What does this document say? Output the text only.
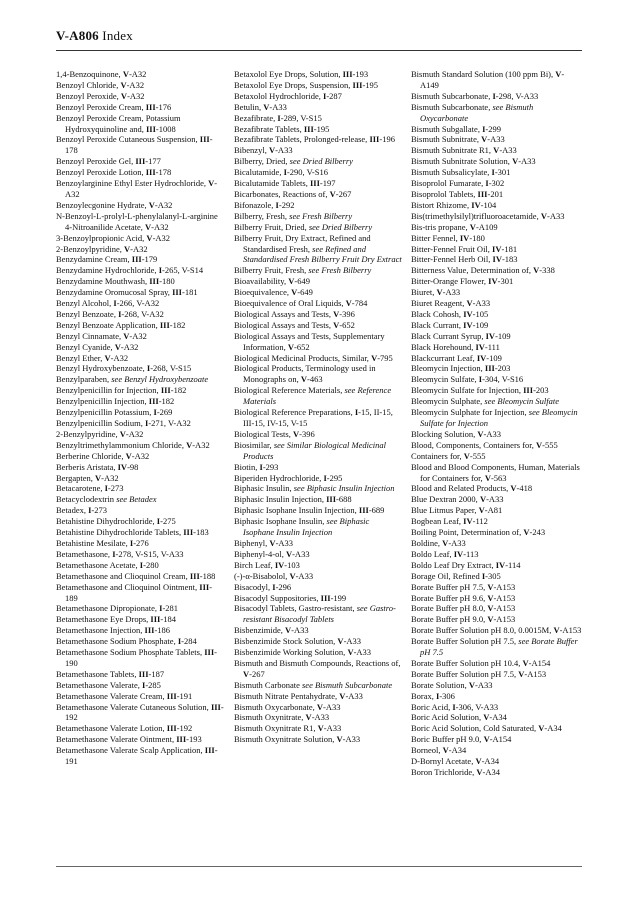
V-A806 Index
1,4-Benzoquinone, V-A32
Benzoyl Chloride, V-A32
Benzoyl Peroxide, V-A32
Benzoyl Peroxide Cream, III-176
Benzoyl Peroxide Cream, Potassium Hydroxyquinoline and, III-1008
Benzoyl Peroxide Cutaneous Suspension, III-178
Benzoyl Peroxide Gel, III-177
Benzoyl Peroxide Lotion, III-178
Benzoylarginine Ethyl Ester Hydrochloride, V-A32
Benzoylecgonine Hydrate, V-A32
N-Benzoyl-L-prolyl-L-phenylalanyl-L-arginine 4-Nitroanilide Acetate, V-A32
3-Benzoylpropionic Acid, V-A32
2-Benzoylpyridine, V-A32
Benzydamine Cream, III-179
Benzydamine Hydrochloride, I-265, V-S14
Benzydamine Mouthwash, III-180
Benzydamine Oromucosal Spray, III-181
Benzyl Alcohol, I-266, V-A32
Benzyl Benzoate, I-268, V-A32
Benzyl Benzoate Application, III-182
Benzyl Cinnamate, V-A32
Benzyl Cyanide, V-A32
Benzyl Ether, V-A32
Benzyl Hydroxybenzoate, I-268, V-S15
Benzylparaben, see Benzyl Hydroxybenzoate
Benzylpenicillin for Injection, III-182
Benzylpenicillin Injection, III-182
Benzylpenicillin Potassium, I-269
Benzylpenicillin Sodium, I-271, V-A32
2-Benzylpyridine, V-A32
Benzyltrimethylammonium Chloride, V-A32
Berberine Chloride, V-A32
Berberis Aristata, IV-98
Bergapten, V-A32
Betacarotene, I-273
Betacyclodextrin see Betadex
Betadex, I-273
Betahistine Dihydrochloride, I-275
Betahistine Dihydrochloride Tablets, III-183
Betahistine Mesilate, I-276
Betamethasone, I-278, V-S15, V-A33
Betamethasone Acetate, I-280
Betamethasone and Clioquinol Cream, III-188
Betamethasone and Clioquinol Ointment, III-189
Betamethasone Dipropionate, I-281
Betamethasone Eye Drops, III-184
Betamethasone Injection, III-186
Betamethasone Sodium Phosphate, I-284
Betamethasone Sodium Phosphate Tablets, III-190
Betamethasone Tablets, III-187
Betamethasone Valerate, I-285
Betamethasone Valerate Cream, III-191
Betamethasone Valerate Cutaneous Solution, III-192
Betamethasone Valerate Lotion, III-192
Betamethasone Valerate Ointment, III-193
Betamethasone Valerate Scalp Application, III-191
Betaxolol Eye Drops, Solution, III-193
Betaxolol Eye Drops, Suspension, III-195
Betaxolol Hydrochloride, I-287
Betulin, V-A33
Bezafibrate, I-289, V-S15
Bezafibrate Tablets, III-195
Bezafibrate Tablets, Prolonged-release, III-196
Bibenzyl, V-A33
Bilberry, Dried, see Dried Bilberry
Bicalutamide, I-290, V-S16
Bicalutamide Tablets, III-197
Bicarbonates, Reactions of, V-267
Bifonazole, I-292
Bilberry, Fresh, see Fresh Bilberry
Bilberry Fruit, Dried, see Dried Bilberry
Bilberry Fruit, Dry Extract, Refined and Standardised Fresh, see Refined and Standardised Fresh Bilberry Fruit Dry Extract
Bilberry Fruit, Fresh, see Fresh Bilberry
Bioavailability, V-649
Bioequivalence, V-649
Bioequivalence of Oral Liquids, V-784
Biological Assays and Tests, V-396
Biological Assays and Tests, V-652
Biological Assays and Tests, Supplementary Information, V-652
Biological Medicinal Products, Similar, V-795
Biological Products, Terminology used in Monographs on, V-463
Biological Reference Materials, see Reference Materials
Biological Reference Preparations, I-15, II-15, III-15, IV-15, V-15
Biological Tests, V-396
Biosimilar, see Similar Biological Medicinal Products
Biotin, I-293
Biperiden Hydrochloride, I-295
Biphasic Insulin, see Biphasic Insulin Injection
Biphasic Insulin Injection, III-688
Biphasic Isophane Insulin Injection, III-689
Biphasic Isophane Insulin, see Biphasic Isophane Insulin Injection
Biphenyl, V-A33
Biphenyl-4-ol, V-A33
Birch Leaf, IV-103
(-)-α-Bisabolol, V-A33
Bisacodyl, I-296
Bisacodyl Suppositories, III-199
Bisacodyl Tablets, Gastro-resistant, see Gastro-resistant Bisacodyl Tablets
Bisbenzimide, V-A33
Bisbenzimide Stock Solution, V-A33
Bisbenzimide Working Solution, V-A33
Bismuth and Bismuth Compounds, Reactions of, V-267
Bismuth Carbonate see Bismuth Subcarbonate
Bismuth Nitrate Pentahydrate, V-A33
Bismuth Oxycarbonate, V-A33
Bismuth Oxynitrate, V-A33
Bismuth Oxynitrate R1, V-A33
Bismuth Oxynitrate Solution, V-A33
Bismuth Standard Solution (100 ppm Bi), V-A149
Bismuth Subcarbonate, I-298, V-A33
Bismuth Subcarbonate, see Bismuth Oxycarbonate
Bismuth Subgallate, I-299
Bismuth Subnitrate, V-A33
Bismuth Subnitrate R1, V-A33
Bismuth Subnitrate Solution, V-A33
Bismuth Subsalicylate, I-301
Bisoprolol Fumarate, I-302
Bisoprolol Tablets, III-201
Bistort Rhizome, IV-104
Bis(trimethylsilyl)trifluoroacetamide, V-A33
Bis-tris propane, V-A109
Bitter Fennel, IV-180
Bitter-Fennel Fruit Oil, IV-181
Bitter-Fennel Herb Oil, IV-183
Bitterness Value, Determination of, V-338
Bitter-Orange Flower, IV-301
Biuret, V-A33
Biuret Reagent, V-A33
Black Cohosh, IV-105
Black Currant, IV-109
Black Currant Syrup, IV-109
Black Horehound, IV-111
Blackcurrant Leaf, IV-109
Bleomycin Injection, III-203
Bleomycin Sulfate, I-304, V-S16
Bleomycin Sulfate for Injection, III-203
Bleomycin Sulphate, see Bleomycin Sulfate
Bleomycin Sulphate for Injection, see Bleomycin Sulfate for Injection
Blocking Solution, V-A33
Blood, Components, Containers for, V-555
Containers for, V-555
Blood and Blood Components, Human, Materials for Containers for, V-563
Blood and Related Products, V-418
Blue Dextran 2000, V-A33
Blue Litmus Paper, V-A81
Bogbean Leaf, IV-112
Boiling Point, Determination of, V-243
Boldine, V-A33
Boldo Leaf, IV-113
Boldo Leaf Dry Extract, IV-114
Borage Oil, Refined I-305
Borate Buffer pH 7.5, V-A153
Borate Buffer pH 9.6, V-A153
Borate Buffer pH 8.0, V-A153
Borate Buffer pH 9.0, V-A153
Borate Buffer Solution pH 8.0, 0.0015M, V-A153
Borate Buffer Solution pH 7.5, see Borate Buffer pH 7.5
Borate Buffer Solution pH 10.4, V-A154
Borate Buffer Solution pH 7.5, V-A153
Borate Solution, V-A33
Borax, I-306
Boric Acid, I-306, V-A33
Boric Acid Solution, V-A34
Boric Acid Solution, Cold Saturated, V-A34
Boric Buffer pH 9.0, V-A154
Borneol, V-A34
D-Bornyl Acetate, V-A34
Boron Trichloride, V-A34
